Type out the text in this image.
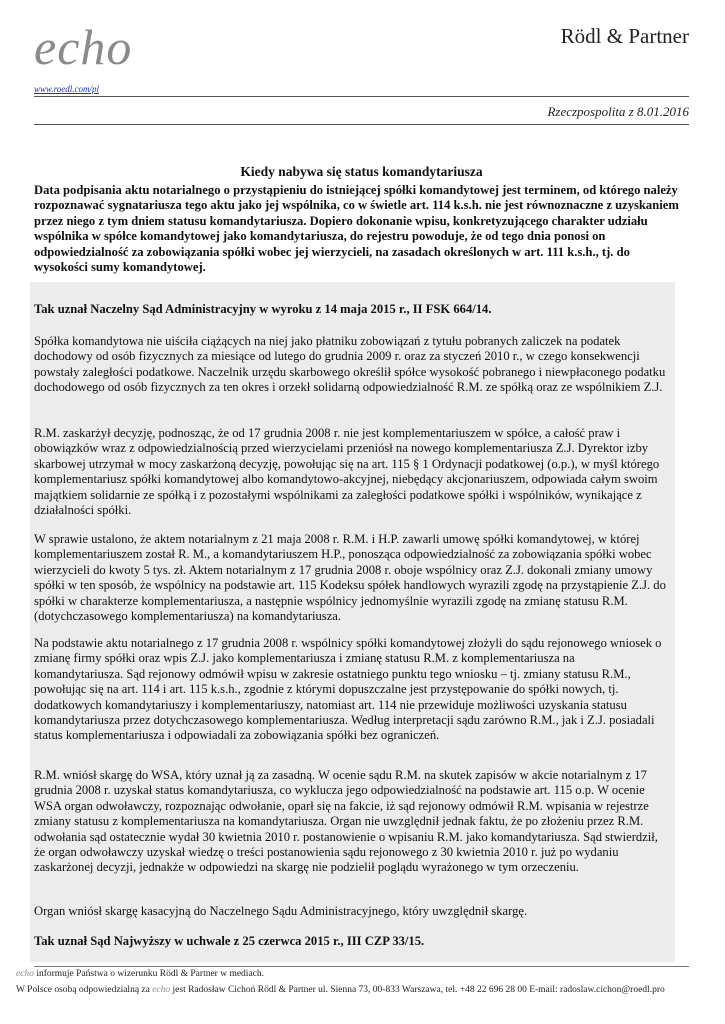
echo
www.roedl.com/pl
Rödl & Partner
Rzeczpospolita z 8.01.2016
Kiedy nabywa się status komandytariusza

Data podpisania aktu notarialnego o przystąpieniu do istniejącej spółki komandytowej jest terminem, od którego należy rozpoznawać sygnatariusza tego aktu jako jej wspólnika, co w świetle art. 114 k.s.h. nie jest równoznaczne z uzyskaniem przez niego z tym dniem statusu komandytariusza. Dopiero dokonanie wpisu, konkretyzującego charakter udziału wspólnika w spółce komandytowej jako komandytariusza, do rejestru powoduje, że od tego dnia ponosi on odpowiedzialność za zobowiązania spółki wobec jej wierzycieli, na zasadach określonych w art. 111 k.s.h., tj. do wysokości sumy komandytowej.

Tak uznał Naczelny Sąd Administracyjny w wyroku z 14 maja 2015 r., II FSK 664/14.

Spółka komandytowa nie uiściła ciążących na niej jako płatniku zobowiązań z tytułu pobranych zaliczek na podatek dochodowy od osób fizycznych za miesiące od lutego do grudnia 2009 r. oraz za styczeń 2010 r., w czego konsekwencji powstały zaległości podatkowe. Naczelnik urzędu skarbowego określił spółce wysokość pobranego i niewpłaconego podatku dochodowego od osób fizycznych za ten okres i orzekł solidarną odpowiedzialność R.M. ze spółką oraz ze wspólnikiem Z.J.

R.M. zaskarżył decyzję, podnosząc, że od 17 grudnia 2008 r. nie jest komplementariuszem w spółce, a całość praw i obowiązków wraz z odpowiedzialnością przed wierzycielami przeniósł na nowego komplementariusza Z.J. Dyrektor izby skarbowej utrzymał w mocy zaskarżoną decyzję, powołując się na art. 115 § 1 Ordynacji podatkowej (o.p.), w myśl którego komplementariusz spółki komandytowej albo komandytowo-akcyjnej, niebędący akcjonariuszem, odpowiada całym swoim majątkiem solidarnie ze spółką i z pozostałymi wspólnikami za zaległości podatkowe spółki i wspólników, wynikające z działalności spółki.

W sprawie ustalono, że aktem notarialnym z 21 maja 2008 r. R.M. i H.P. zawarli umowę spółki komandytowej, w której komplementariuszem został R. M., a komandytariuszem H.P., ponosząca odpowiedzialność za zobowiązania spółki wobec wierzycieli do kwoty 5 tys. zł. Aktem notarialnym z 17 grudnia 2008 r. oboje wspólnicy oraz Z.J. dokonali zmiany umowy spółki w ten sposób, że wspólnicy na podstawie art. 115 Kodeksu spółek handlowych wyrazili zgodę na przystąpienie Z.J. do spółki w charakterze komplementariusza, a następnie wspólnicy jednomyślnie wyrazili zgodę na zmianę statusu R.M. (dotychczasowego komplementariusza) na komandytariusza.

Na podstawie aktu notarialnego z 17 grudnia 2008 r. wspólnicy spółki komandytowej złożyli do sądu rejonowego wniosek o zmianę firmy spółki oraz wpis Z.J. jako komplementariusza i zmianę statusu R.M. z komplementariusza na komandytariusza. Sąd rejonowy odmówił wpisu w zakresie ostatniego punktu tego wniosku – tj. zmiany statusu R.M., powołując się na art. 114 i art. 115 k.s.h., zgodnie z którymi dopuszczalne jest przystępowanie do spółki nowych, tj. dodatkowych komandytariuszy i komplementariuszy, natomiast art. 114 nie przewiduje możliwości uzyskania statusu komandytariusza przez dotychczasowego komplementariusza. Według interpretacji sądu zarówno R.M., jak i Z.J. posiadali status komplementariusza i odpowiadali za zobowiązania spółki bez ograniczeń.

R.M. wniósł skargę do WSA, który uznał ją za zasadną. W ocenie sądu R.M. na skutek zapisów w akcie notarialnym z 17 grudnia 2008 r. uzyskał status komandytariusza, co wyklucza jego odpowiedzialność na podstawie art. 115 o.p. W ocenie WSA organ odwoławczy, rozpoznając odwołanie, oparł się na fakcie, iż sąd rejonowy odmówił R.M. wpisania w rejestrze zmiany statusu z komplementariusza na komandytariusza. Organ nie uwzględnił jednak faktu, że po złożeniu przez R.M. odwołania sąd ostatecznie wydał 30 kwietnia 2010 r. postanowienie o wpisaniu R.M. jako komandytariusza. Sąd stwierdził, że organ odwoławczy uzyskał wiedzę o treści postanowienia sądu rejonowego z 30 kwietnia 2010 r. już po wydaniu zaskarżonej decyzji, jednakże w odpowiedzi na skargę nie podzielił poglądu wyrażonego w tym orzeczeniu.

Organ wniósł skargę kasacyjną do Naczelnego Sądu Administracyjnego, który uwzględnił skargę.

Tak uznał Sąd Najwyższy w uchwale z 25 czerwca 2015 r., III CZP 33/15.

echo informuje Państwa o wizerunku Rödl & Partner w mediach.
W Polsce osobą odpowiedzialną za echo jest Radosław Cichoń Rödl & Partner ul. Sienna 73, 00-833 Warszawa, tel. +48 22 696 28 00 E-mail: radoslaw.cichon@roedl.pro
